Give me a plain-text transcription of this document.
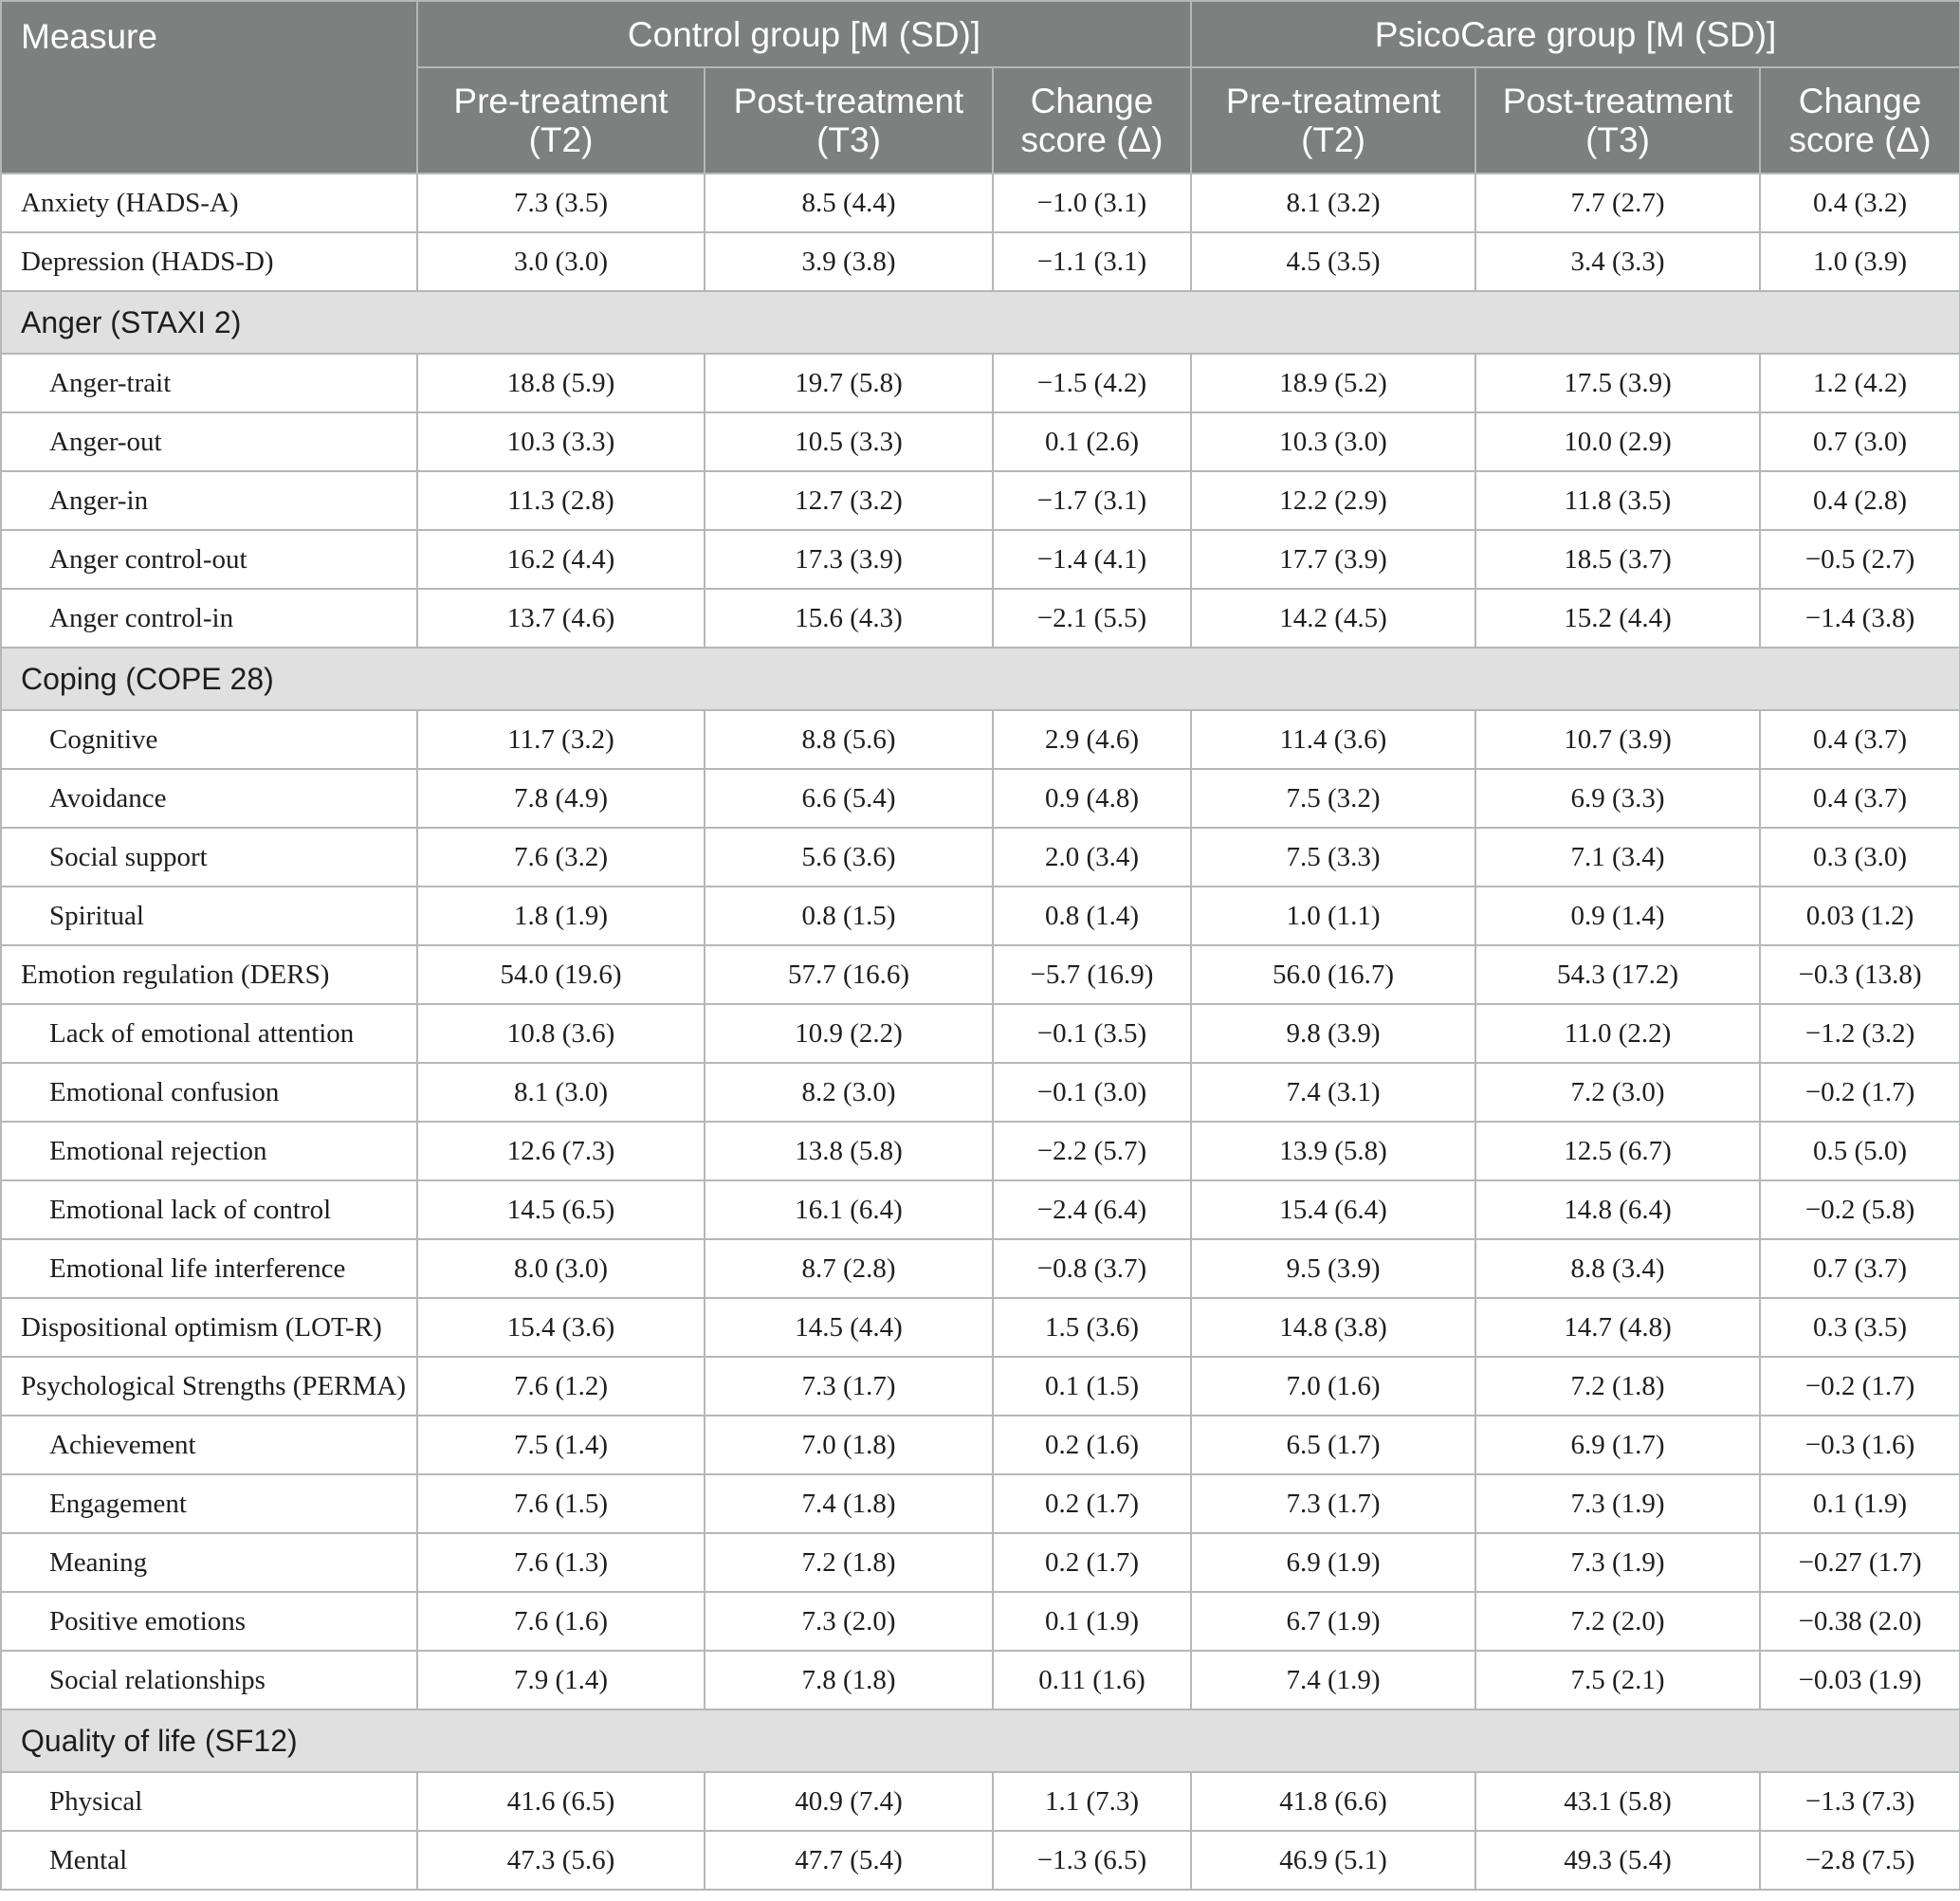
Measure	Control group [M (SD)]			PsicoCare group [M (SD)]		
	Pre-treatment (T2)	Post-treatment (T3)	Change score (Δ)	Pre-treatment (T2)	Post-treatment (T3)	Change score (Δ)
Anxiety (HADS-A)	7.3 (3.5)	8.5 (4.4)	−1.0 (3.1)	8.1 (3.2)	7.7 (2.7)	0.4 (3.2)
Depression (HADS-D)	3.0 (3.0)	3.9 (3.8)	−1.1 (3.1)	4.5 (3.5)	3.4 (3.3)	1.0 (3.9)
Anger (STAXI 2)						
Anger-trait	18.8 (5.9)	19.7 (5.8)	−1.5 (4.2)	18.9 (5.2)	17.5 (3.9)	1.2 (4.2)
Anger-out	10.3 (3.3)	10.5 (3.3)	0.1 (2.6)	10.3 (3.0)	10.0 (2.9)	0.7 (3.0)
Anger-in	11.3 (2.8)	12.7 (3.2)	−1.7 (3.1)	12.2 (2.9)	11.8 (3.5)	0.4 (2.8)
Anger control-out	16.2 (4.4)	17.3 (3.9)	−1.4 (4.1)	17.7 (3.9)	18.5 (3.7)	−0.5 (2.7)
Anger control-in	13.7 (4.6)	15.6 (4.3)	−2.1 (5.5)	14.2 (4.5)	15.2 (4.4)	−1.4 (3.8)
Coping (COPE 28)						
Cognitive	11.7 (3.2)	8.8 (5.6)	2.9 (4.6)	11.4 (3.6)	10.7 (3.9)	0.4 (3.7)
Avoidance	7.8 (4.9)	6.6 (5.4)	0.9 (4.8)	7.5 (3.2)	6.9 (3.3)	0.4 (3.7)
Social support	7.6 (3.2)	5.6 (3.6)	2.0 (3.4)	7.5 (3.3)	7.1 (3.4)	0.3 (3.0)
Spiritual	1.8 (1.9)	0.8 (1.5)	0.8 (1.4)	1.0 (1.1)	0.9 (1.4)	0.03 (1.2)
Emotion regulation (DERS)	54.0 (19.6)	57.7 (16.6)	−5.7 (16.9)	56.0 (16.7)	54.3 (17.2)	−0.3 (13.8)
Lack of emotional attention	10.8 (3.6)	10.9 (2.2)	−0.1 (3.5)	9.8 (3.9)	11.0 (2.2)	−1.2 (3.2)
Emotional confusion	8.1 (3.0)	8.2 (3.0)	−0.1 (3.0)	7.4 (3.1)	7.2 (3.0)	−0.2 (1.7)
Emotional rejection	12.6 (7.3)	13.8 (5.8)	−2.2 (5.7)	13.9 (5.8)	12.5 (6.7)	0.5 (5.0)
Emotional lack of control	14.5 (6.5)	16.1 (6.4)	−2.4 (6.4)	15.4 (6.4)	14.8 (6.4)	−0.2 (5.8)
Emotional life interference	8.0 (3.0)	8.7 (2.8)	−0.8 (3.7)	9.5 (3.9)	8.8 (3.4)	0.7 (3.7)
Dispositional optimism (LOT-R)	15.4 (3.6)	14.5 (4.4)	1.5 (3.6)	14.8 (3.8)	14.7 (4.8)	0.3 (3.5)
Psychological Strengths (PERMA)	7.6 (1.2)	7.3 (1.7)	0.1 (1.5)	7.0 (1.6)	7.2 (1.8)	−0.2 (1.7)
Achievement	7.5 (1.4)	7.0 (1.8)	0.2 (1.6)	6.5 (1.7)	6.9 (1.7)	−0.3 (1.6)
Engagement	7.6 (1.5)	7.4 (1.8)	0.2 (1.7)	7.3 (1.7)	7.3 (1.9)	0.1 (1.9)
Meaning	7.6 (1.3)	7.2 (1.8)	0.2 (1.7)	6.9 (1.9)	7.3 (1.9)	−0.27 (1.7)
Positive emotions	7.6 (1.6)	7.3 (2.0)	0.1 (1.9)	6.7 (1.9)	7.2 (2.0)	−0.38 (2.0)
Social relationships	7.9 (1.4)	7.8 (1.8)	0.11 (1.6)	7.4 (1.9)	7.5 (2.1)	−0.03 (1.9)
Quality of life (SF12)						
Physical	41.6 (6.5)	40.9 (7.4)	1.1 (7.3)	41.8 (6.6)	43.1 (5.8)	−1.3 (7.3)
Mental	47.3 (5.6)	47.7 (5.4)	−1.3 (6.5)	46.9 (5.1)	49.3 (5.4)	−2.8 (7.5)
